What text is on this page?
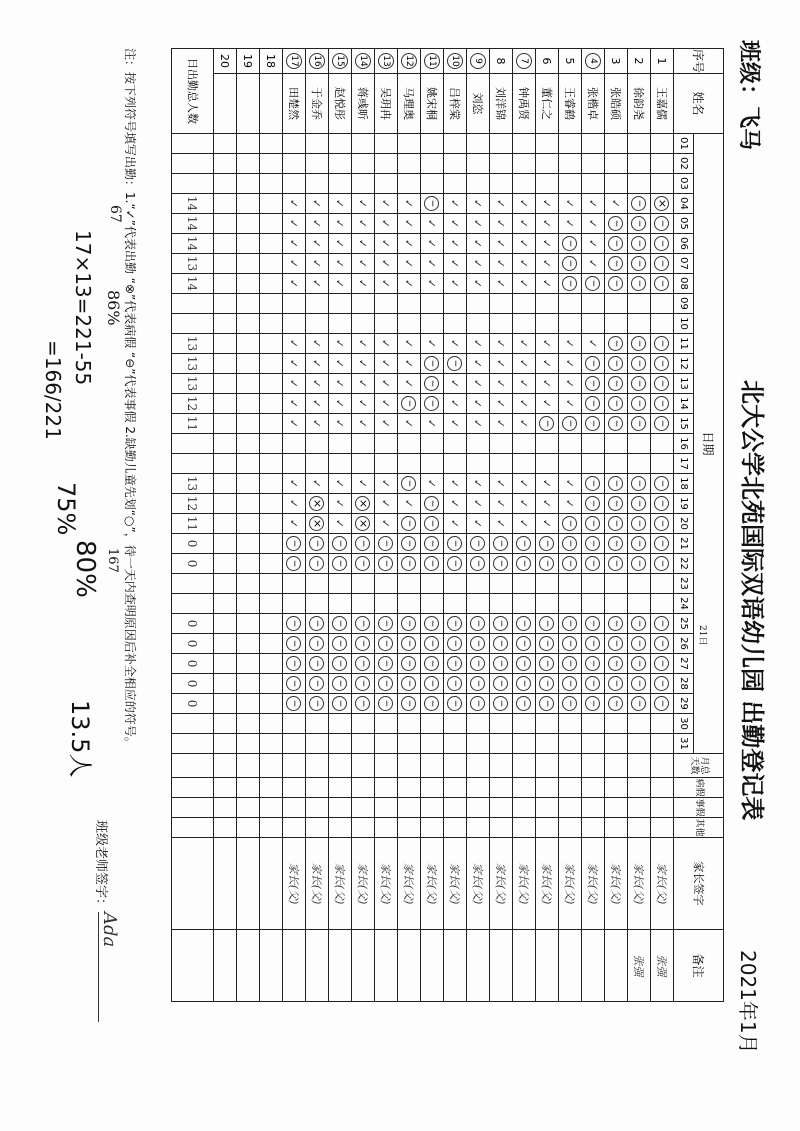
班级：飞马
北大公学北苑国际双语幼儿园 出勤登记表
2021年1月
序号	姓名	日期																															月总天数	病假	事假	其他	家长签字	备注
		01	02	03	04	05	06	07	08	09	10	11	12	13	14	15	16	17	18	19	20	21	22	23	24	25	26	27	28	29	30	31						
1	王嘉儒				×	−	−	−	−			−	−	−	−	−			−	−	−	−	−			−	−	−	−	−							家长(父)	张强
2	徐韵尧				−	−	−	−	−			−	−	−	−	−			−	−	−	−	−			−	−	−	−	−							家长(父)	张强
3	张皓硕				✓	−	−	−	−			−	−	−	−	−			−	−	−	−	−			−	−	−	−	−							家长(父)	
4	张楷卓				✓	✓	✓	✓	−			✓	−	−	−	−			−	−	−	−	−			−	−	−	−	−							家长(父)	
5	王睿鹤				✓	✓	−	−	−			✓	✓	✓	✓	−			✓	✓	−	−	−			−	−	−	−	−							家长(父)	
6	董仁之				✓	✓	✓	✓	✓			✓	✓	✓	✓	−			✓	✓	✓	−	−			−	−	−	−	−							家长(父)	
7	钟禹贤				✓	✓	✓	✓	✓			✓	✓	✓	✓	✓			✓	✓	✓	−	−			−	−	−	−	−							家长(父)	
8	刘洋锦				✓	✓	✓	✓	✓			✓	✓	✓	✓	✓			✓	✓	✓	−	−			−	−	−	−	−							家长(父)	
9	刘恣				✓	✓	✓	✓	✓			✓	✓	✓	✓	✓			✓	✓	✓	−	−			−	−	−	−	−							家长(父)	
10	吕梓棠				✓	✓	✓	✓	✓			✓	−	✓	✓	✓			✓	✓	✓	−	−			−	−	−	−	−							家长(父)	
11	姚宋桐				−	✓	✓	✓	✓			✓	−	−	−	✓			✓	−	−	−	−			−	−	−	−	−							家长(父)	
12	马理奥				✓	✓	✓	✓	✓			✓	✓	✓	−	✓			−	✓	−	−	−			−	−	−	−	−							家长(父)	
13	吴玥冉				✓	✓	✓	✓	✓			✓	✓	✓	✓	✓			✓	✓	✓	−	−			−	−	−	−	−							家长(父)	
14	蒋彧昕				✓	✓	✓	✓	✓			✓	✓	✓	✓	✓			✓	×	×	−	−			−	−	−	−	−							家长(父)	
15	赵悦彤				✓	✓	✓	✓	✓			✓	✓	✓	✓	✓			✓	✓	✓	−	−			−	−	−	−	−							家长(父)	
16	于金乔				✓	✓	✓	✓	✓			✓	✓	✓	✓	✓			✓	×	×	−	−			−	−	−	−	−							家长(父)	
17	田楚然				✓	✓	✓	✓	✓			✓	✓	✓	✓	✓			✓	✓	✓	−	−			−	−	−	−	−							家长(父)	
18																																						
19																																						
20																																						
日出勤总人数					14	14	14	13	14			13	13	13	12	11			13	12	11	0	0			0	0	0	0	0								
注：按下列符号填写出勤：1.“✓”代表出勤 “⊗”代表病假 “⊖”代表事假 2.缺勤儿童先划“○”，待一天内查明原因后补全相应的符号。
班级老师签字：
Ada
67
86%
167
80%
13.5人
75%
17×13=221-55
=166/221
21日
